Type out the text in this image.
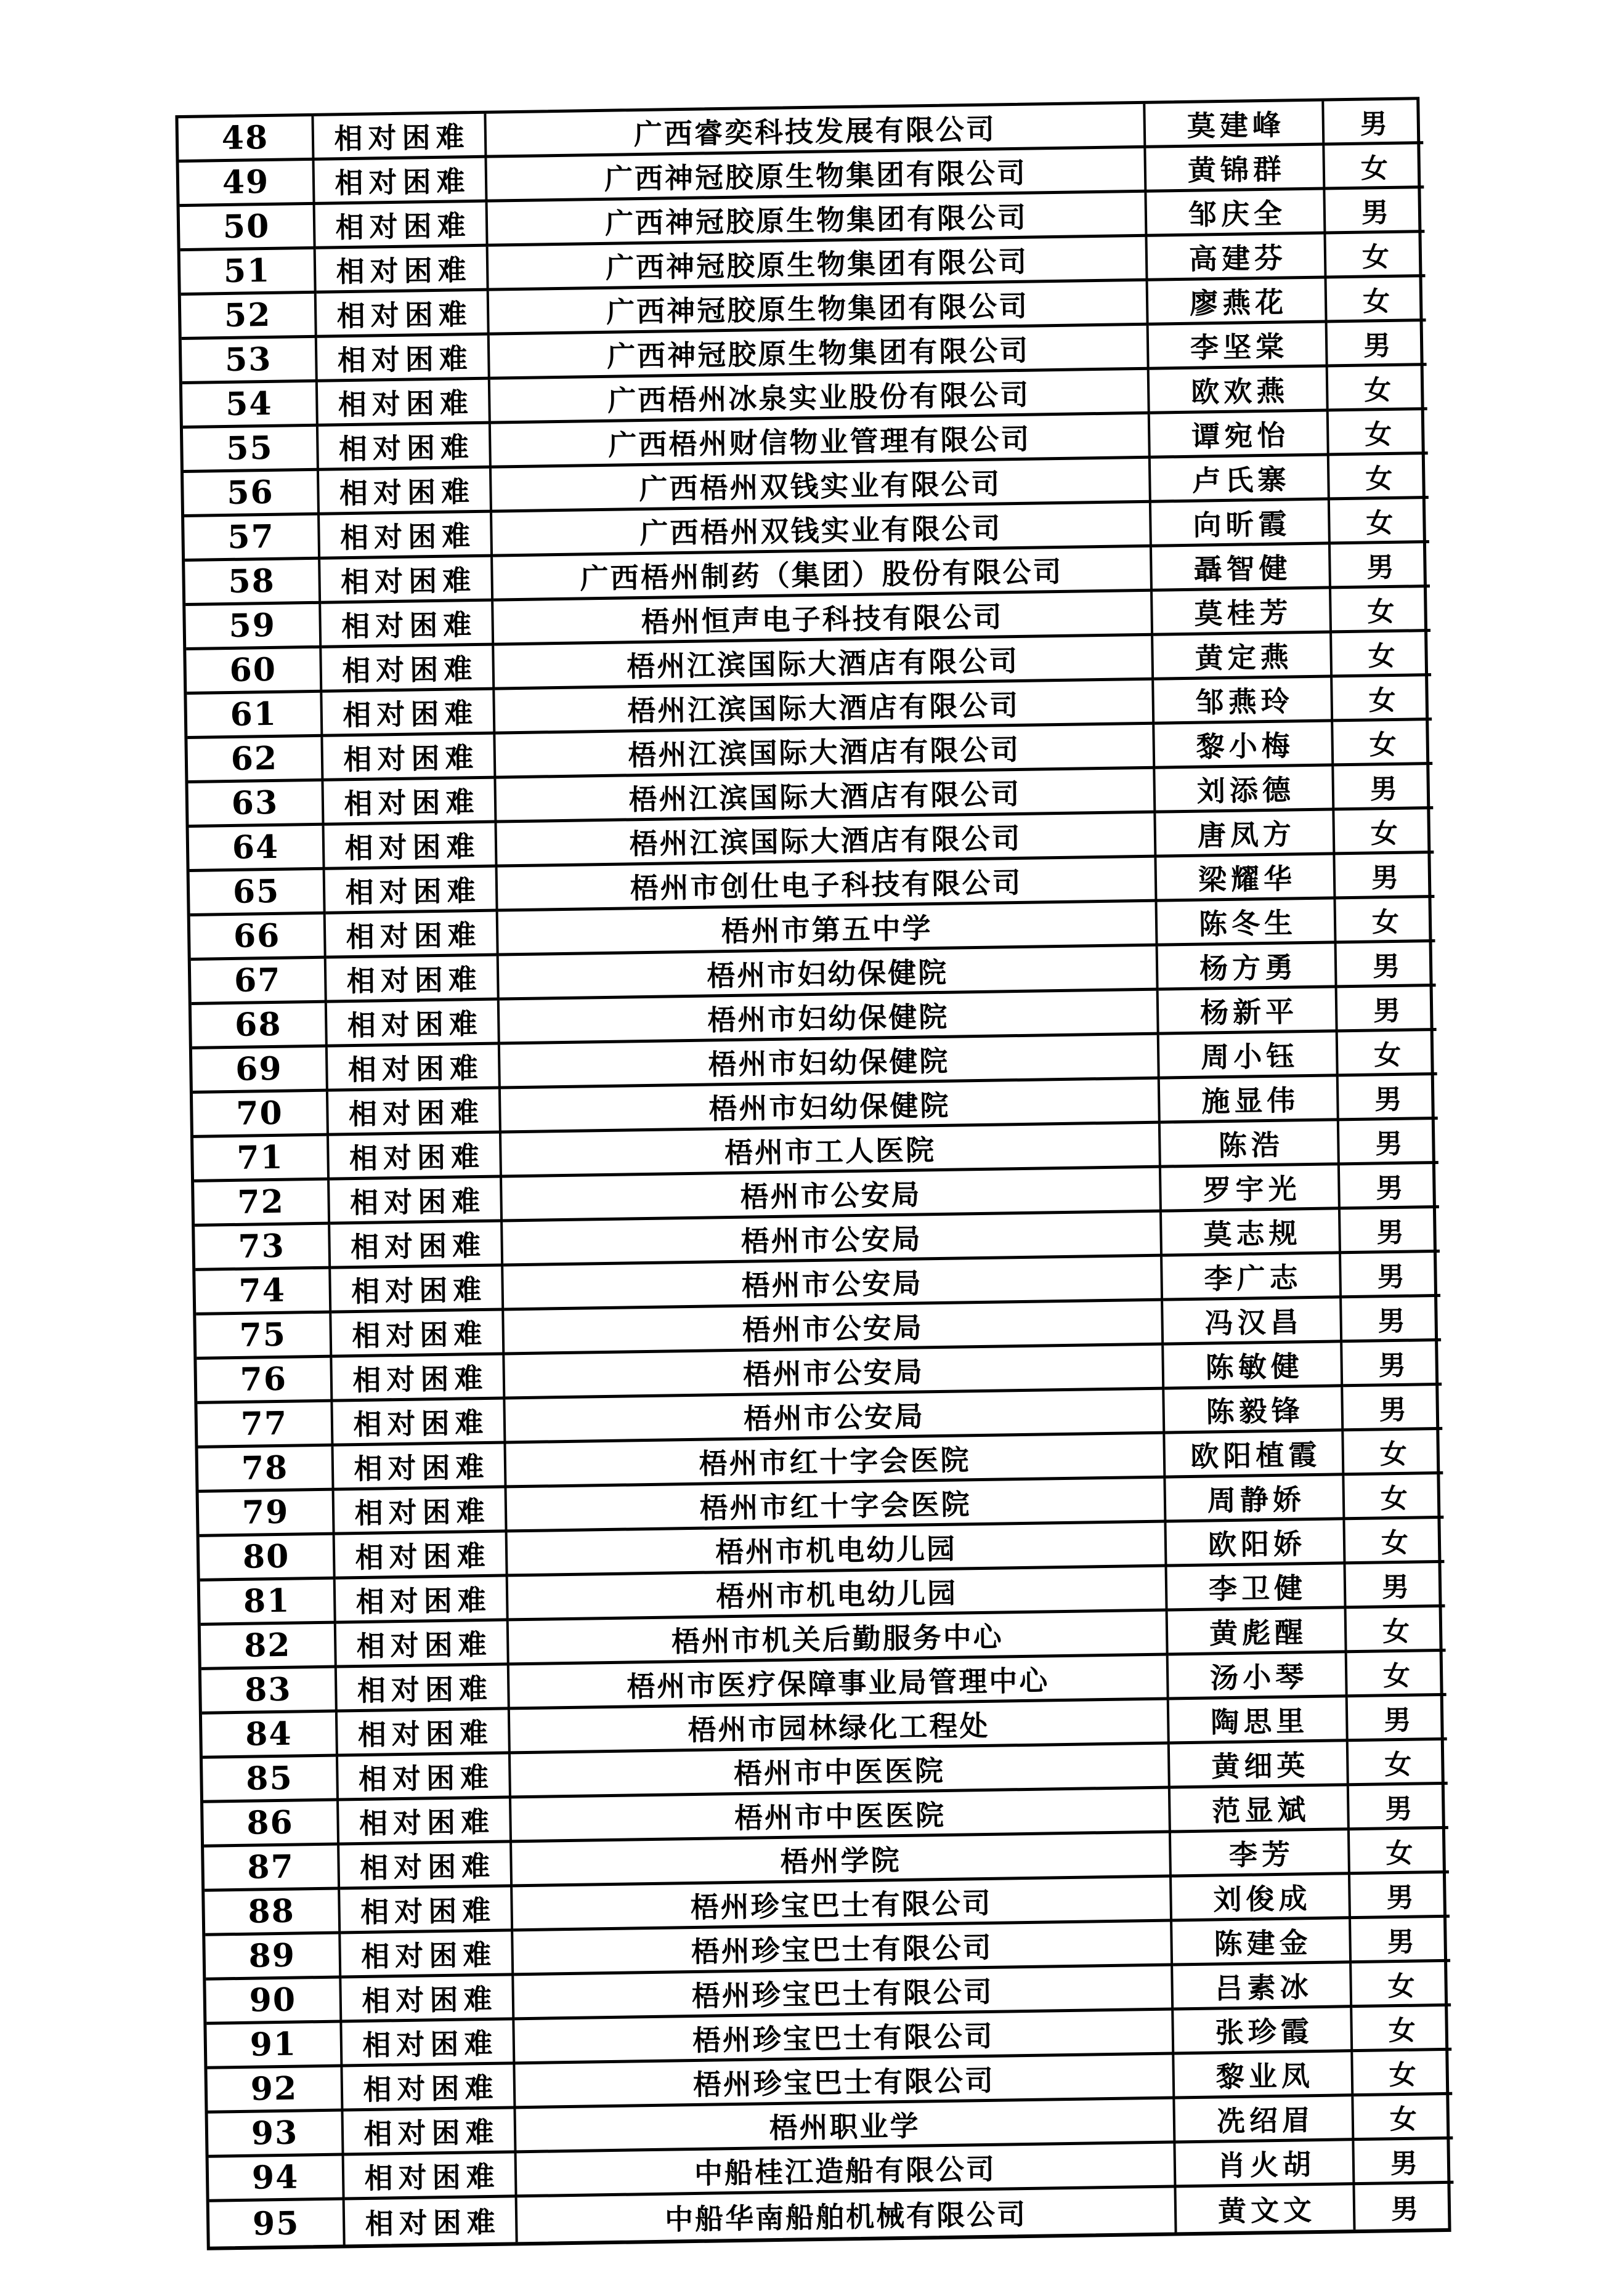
48	相对困难	广西睿奕科技发展有限公司	莫建峰	男
49	相对困难	广西神冠胶原生物集团有限公司	黄锦群	女
50	相对困难	广西神冠胶原生物集团有限公司	邹庆全	男
51	相对困难	广西神冠胶原生物集团有限公司	高建芬	女
52	相对困难	广西神冠胶原生物集团有限公司	廖燕花	女
53	相对困难	广西神冠胶原生物集团有限公司	李坚棠	男
54	相对困难	广西梧州冰泉实业股份有限公司	欧欢燕	女
55	相对困难	广西梧州财信物业管理有限公司	谭宛怡	女
56	相对困难	广西梧州双钱实业有限公司	卢氏寨	女
57	相对困难	广西梧州双钱实业有限公司	向昕霞	女
58	相对困难	广西梧州制药（集团）股份有限公司	聶智健	男
59	相对困难	梧州恒声电子科技有限公司	莫桂芳	女
60	相对困难	梧州江滨国际大酒店有限公司	黄定燕	女
61	相对困难	梧州江滨国际大酒店有限公司	邹燕玲	女
62	相对困难	梧州江滨国际大酒店有限公司	黎小梅	女
63	相对困难	梧州江滨国际大酒店有限公司	刘添德	男
64	相对困难	梧州江滨国际大酒店有限公司	唐凤方	女
65	相对困难	梧州市创仕电子科技有限公司	梁耀华	男
66	相对困难	梧州市第五中学	陈冬生	女
67	相对困难	梧州市妇幼保健院	杨方勇	男
68	相对困难	梧州市妇幼保健院	杨新平	男
69	相对困难	梧州市妇幼保健院	周小钰	女
70	相对困难	梧州市妇幼保健院	施显伟	男
71	相对困难	梧州市工人医院	陈浩	男
72	相对困难	梧州市公安局	罗宇光	男
73	相对困难	梧州市公安局	莫志规	男
74	相对困难	梧州市公安局	李广志	男
75	相对困难	梧州市公安局	冯汉昌	男
76	相对困难	梧州市公安局	陈敏健	男
77	相对困难	梧州市公安局	陈毅锋	男
78	相对困难	梧州市红十字会医院	欧阳植霞	女
79	相对困难	梧州市红十字会医院	周静娇	女
80	相对困难	梧州市机电幼儿园	欧阳娇	女
81	相对困难	梧州市机电幼儿园	李卫健	男
82	相对困难	梧州市机关后勤服务中心	黄彪醒	女
83	相对困难	梧州市医疗保障事业局管理中心	汤小琴	女
84	相对困难	梧州市园林绿化工程处	陶思里	男
85	相对困难	梧州市中医医院	黄细英	女
86	相对困难	梧州市中医医院	范显斌	男
87	相对困难	梧州学院	李芳	女
88	相对困难	梧州珍宝巴士有限公司	刘俊成	男
89	相对困难	梧州珍宝巴士有限公司	陈建金	男
90	相对困难	梧州珍宝巴士有限公司	吕素冰	女
91	相对困难	梧州珍宝巴士有限公司	张珍霞	女
92	相对困难	梧州珍宝巴士有限公司	黎业凤	女
93	相对困难	梧州职业学	冼绍眉	女
94	相对困难	中船桂江造船有限公司	肖火胡	男
95	相对困难	中船华南船舶机械有限公司	黄文文	男
